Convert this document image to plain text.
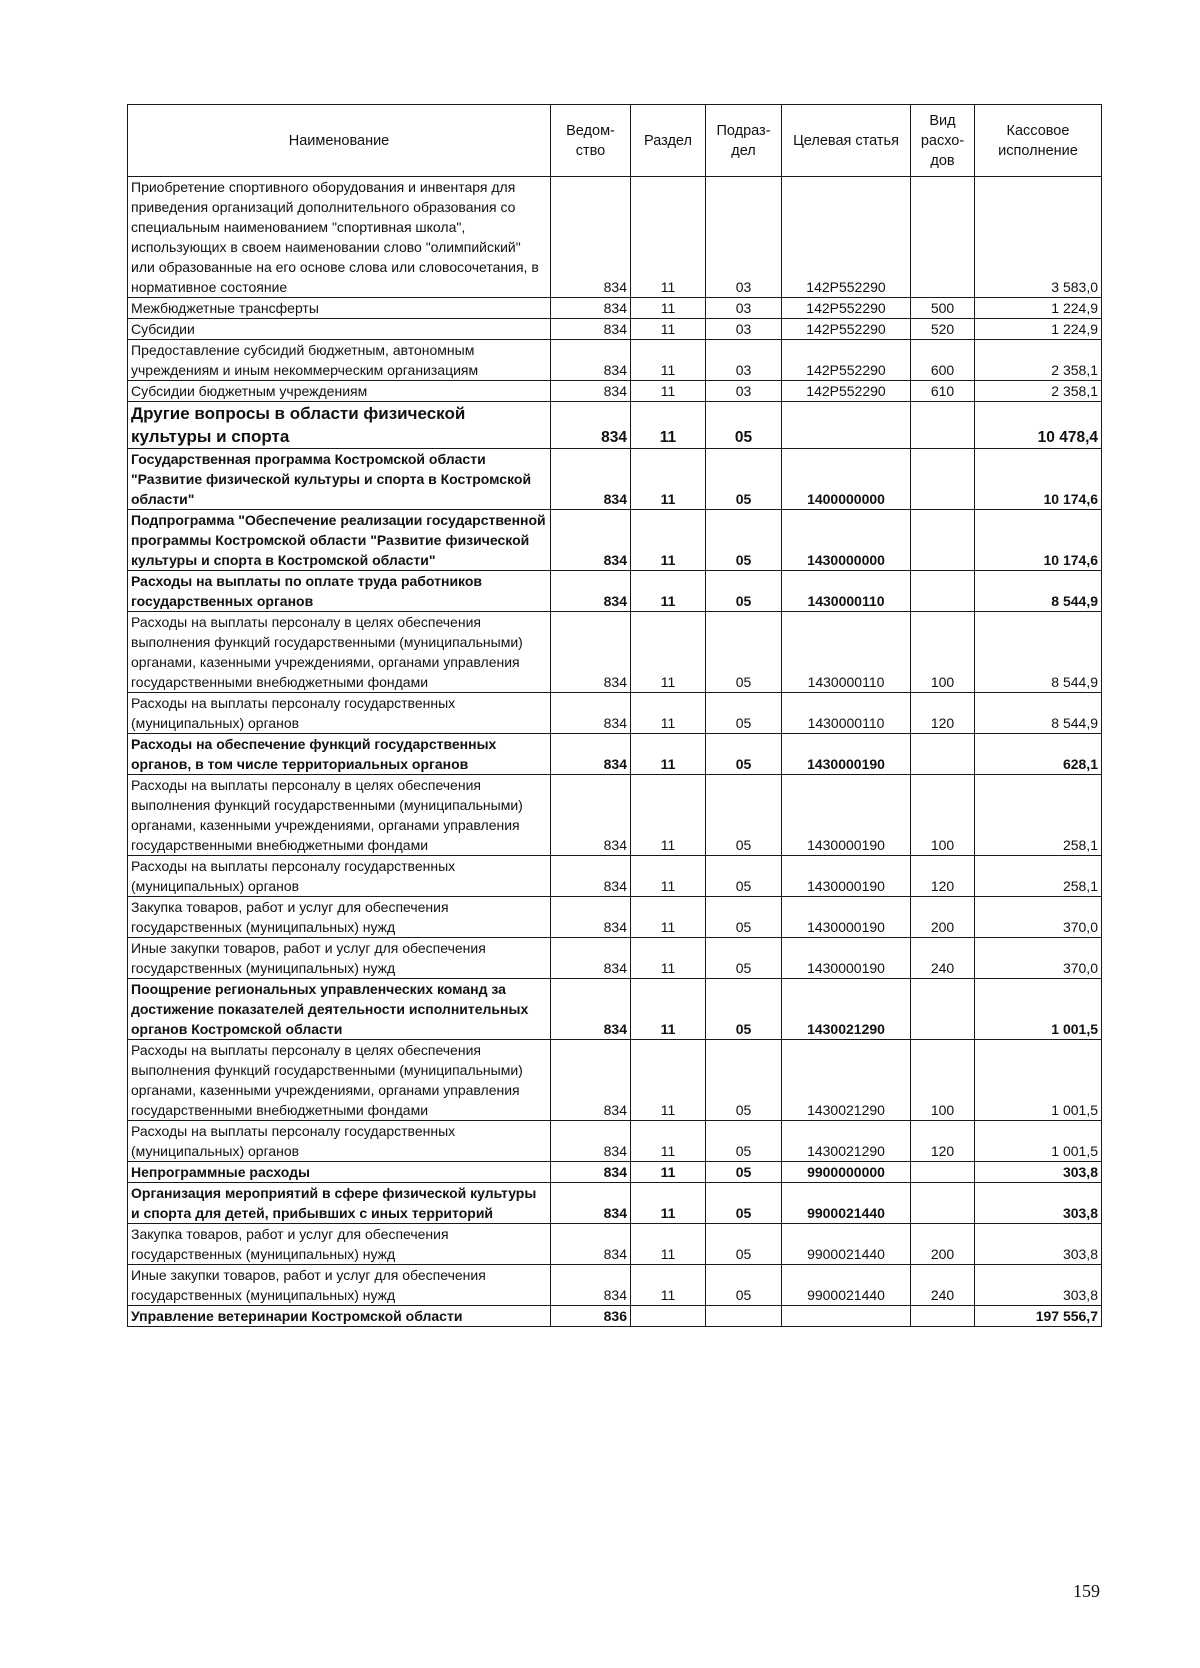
Наименование	Ведом-ство	Раздел	Подраз-дел	Целевая статья	Вид расхо-дов	Кассовое исполнение
Приобретение спортивного оборудования и инвентаря для приведения организаций дополнительного образования со специальным наименованием "спортивная школа", использующих в своем наименовании слово "олимпийский" или образованные на его основе слова или словосочетания, в нормативное состояние	834	11	03	142P552290		3 583,0
Межбюджетные трансферты	834	11	03	142P552290	500	1 224,9
Субсидии	834	11	03	142P552290	520	1 224,9
Предоставление субсидий бюджетным, автономным учреждениям и иным некоммерческим организациям	834	11	03	142P552290	600	2 358,1
Субсидии бюджетным учреждениям	834	11	03	142P552290	610	2 358,1
Другие вопросы в области физической культуры и спорта	834	11	05			10 478,4
Государственная программа Костромской области "Развитие физической культуры и спорта в Костромской области"	834	11	05	1400000000		10 174,6
Подпрограмма "Обеспечение реализации государственной программы Костромской области "Развитие физической культуры и спорта в Костромской области"	834	11	05	1430000000		10 174,6
Расходы на выплаты по оплате труда работников государственных органов	834	11	05	1430000110		8 544,9
Расходы на выплаты персоналу в целях обеспечения выполнения функций государственными (муниципальными) органами, казенными учреждениями, органами управления государственными внебюджетными фондами	834	11	05	1430000110	100	8 544,9
Расходы на выплаты персоналу государственных (муниципальных) органов	834	11	05	1430000110	120	8 544,9
Расходы на обеспечение функций государственных органов, в том числе территориальных органов	834	11	05	1430000190		628,1
Расходы на выплаты персоналу в целях обеспечения выполнения функций государственными (муниципальными) органами, казенными учреждениями, органами управления государственными внебюджетными фондами	834	11	05	1430000190	100	258,1
Расходы на выплаты персоналу государственных (муниципальных) органов	834	11	05	1430000190	120	258,1
Закупка товаров, работ и услуг для обеспечения государственных (муниципальных) нужд	834	11	05	1430000190	200	370,0
Иные закупки товаров, работ и услуг для обеспечения государственных (муниципальных) нужд	834	11	05	1430000190	240	370,0
Поощрение региональных управленческих команд за достижение показателей деятельности исполнительных органов Костромской области	834	11	05	1430021290		1 001,5
Расходы на выплаты персоналу в целях обеспечения выполнения функций государственными (муниципальными) органами, казенными учреждениями, органами управления государственными внебюджетными фондами	834	11	05	1430021290	100	1 001,5
Расходы на выплаты персоналу государственных (муниципальных) органов	834	11	05	1430021290	120	1 001,5
Непрограммные расходы	834	11	05	9900000000		303,8
Организация мероприятий в сфере физической культуры и спорта для детей, прибывших с иных территорий	834	11	05	9900021440		303,8
Закупка товаров, работ и услуг для обеспечения государственных (муниципальных) нужд	834	11	05	9900021440	200	303,8
Иные закупки товаров, работ и услуг для обеспечения государственных (муниципальных) нужд	834	11	05	9900021440	240	303,8
Управление ветеринарии Костромской области	836					197 556,7
159
